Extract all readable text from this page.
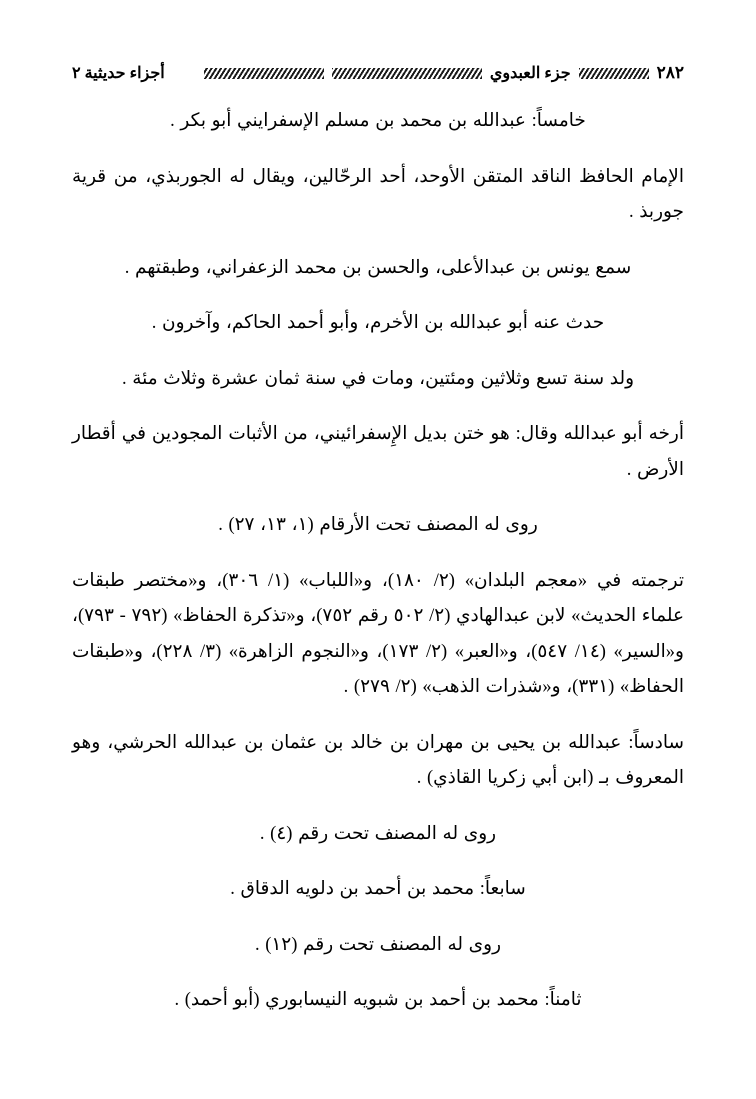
٢٨٢
جزء العبدوي
أجزاء حديثية ٢

خامساً: عبدالله بن محمد بن مسلم الإسفرايني أبو بكر .

الإمام الحافظ الناقد المتقن الأوحد، أحد الرحّالين، ويقال له الجوربذي، من قرية جوربذ .

سمع يونس بن عبدالأعلى، والحسن بن محمد الزعفراني، وطبقتهم .

حدث عنه أبو عبدالله بن الأخرم، وأبو أحمد الحاكم، وآخرون .

ولد سنة تسع وثلاثين ومئتين، ومات في سنة ثمان عشرة وثلاث مئة .

أرخه أبو عبدالله وقال: هو ختن بديل الإِسفرائيني، من الأثبات المجودين في أقطار الأرض .

روى له المصنف تحت الأرقام (١، ١٣، ٢٧) .

ترجمته في «معجم البلدان» (٢/ ١٨٠)، و«اللباب» (١/ ٣٠٦)، و«مختصر طبقات علماء الحديث» لابن عبدالهادي (٢/ ٥٠٢ رقم ٧٥٢)، و«تذكرة الحفاظ» (٧٩٢ - ٧٩٣)، و«السير» (١٤/ ٥٤٧)، و«العبر» (٢/ ١٧٣)، و«النجوم الزاهرة» (٣/ ٢٢٨)، و«طبقات الحفاظ» (٣٣١)، و«شذرات الذهب» (٢/ ٢٧٩) .

سادساً: عبدالله بن يحيى بن مهران بن خالد بن عثمان بن عبدالله الحرشي، وهو المعروف بـ (ابن أبي زكريا القاذي) .

روى له المصنف تحت رقم (٤) .

سابعاً: محمد بن أحمد بن دلويه الدقاق .

روى له المصنف تحت رقم (١٢) .

ثامناً: محمد بن أحمد بن شبويه النيسابوري (أبو أحمد) .
